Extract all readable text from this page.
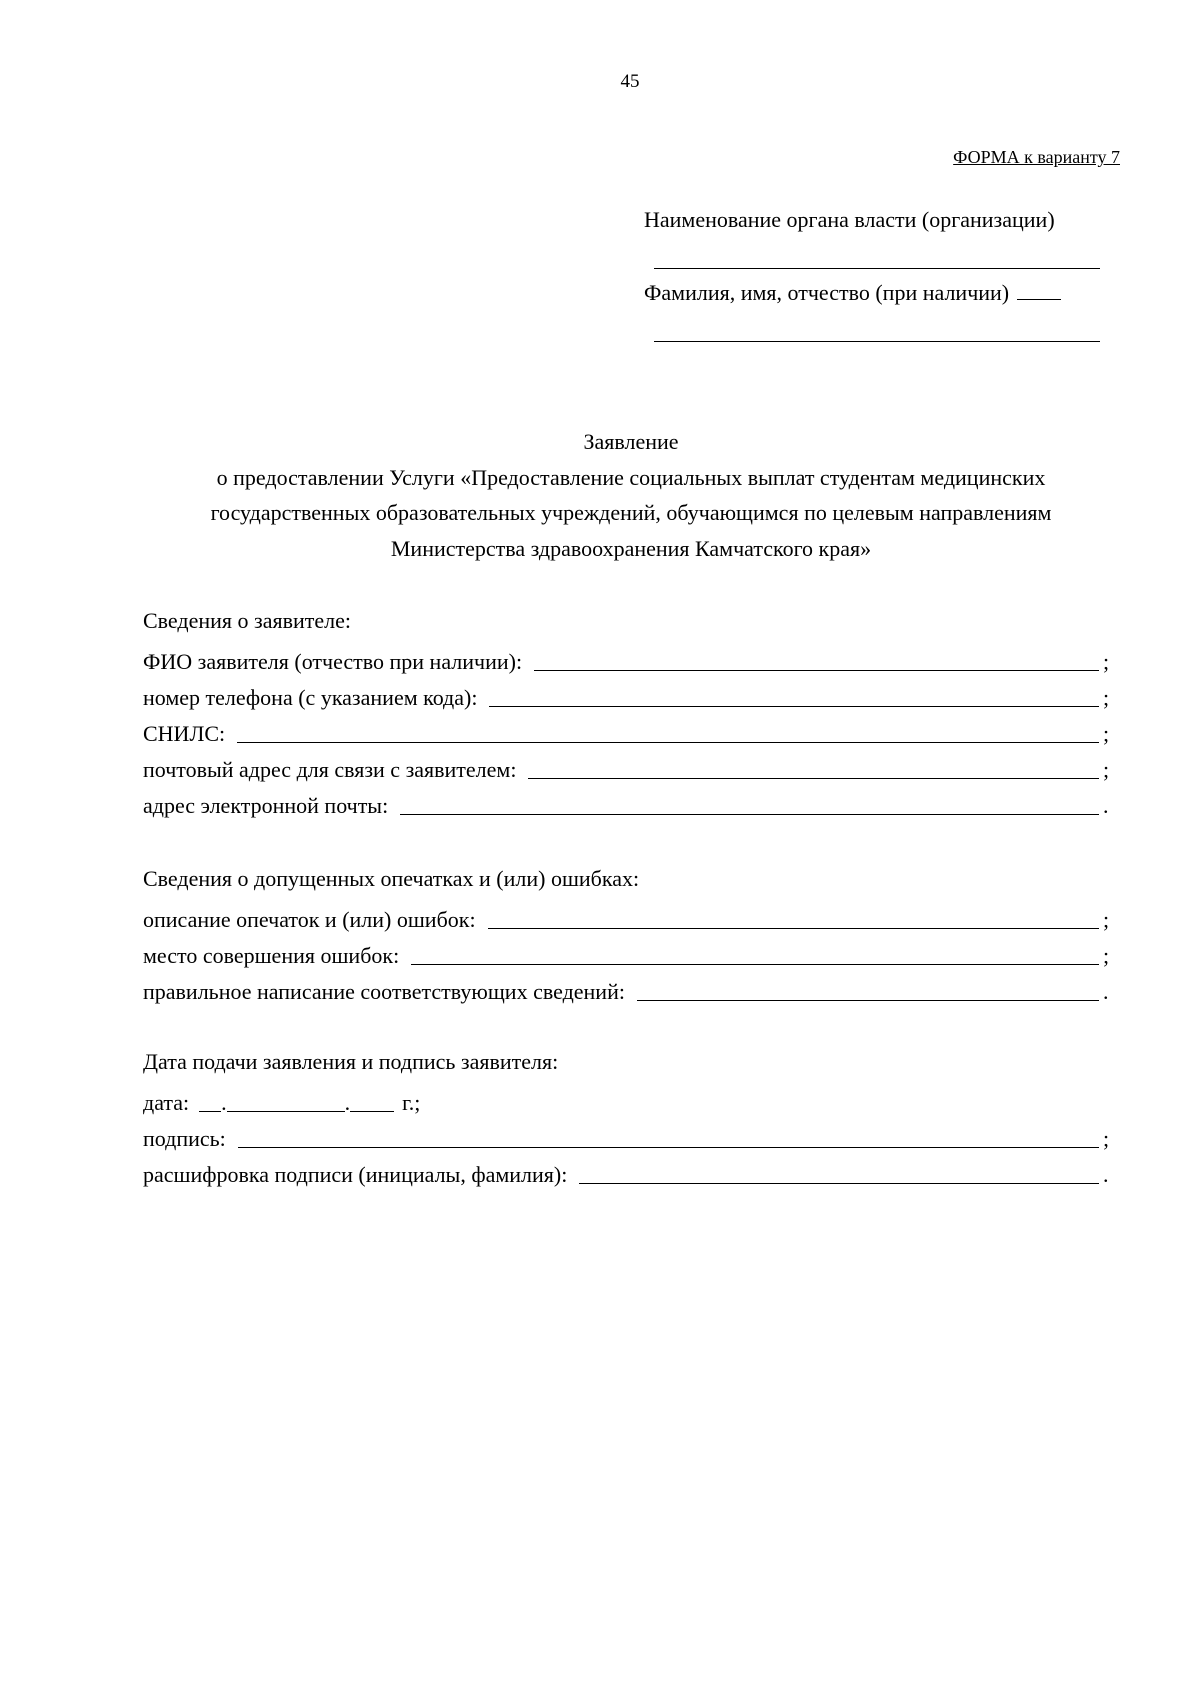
45
ФОРМА к варианту 7
Наименование органа власти (организации)
Фамилия, имя, отчество (при наличии)
Заявление
о предоставлении Услуги «Предоставление социальных выплат студентам медицинских
государственных образовательных учреждений, обучающимся по целевым направлениям
Министерства здравоохранения Камчатского края»
Сведения о заявителе:
ФИО заявителя (отчество при наличии):	;
номер телефона (с указанием кода):	;
СНИЛС:	;
почтовый адрес для связи с заявителем:	;
адрес электронной почты:	.
Сведения о допущенных опечатках и (или) ошибках:
описание опечаток и (или) ошибок:	;
место совершения ошибок:	;
правильное написание соответствующих сведений:	.
Дата подачи заявления и подпись заявителя:
дата: .	. г.;
подпись:	;
расшифровка подписи (инициалы, фамилия):	.
